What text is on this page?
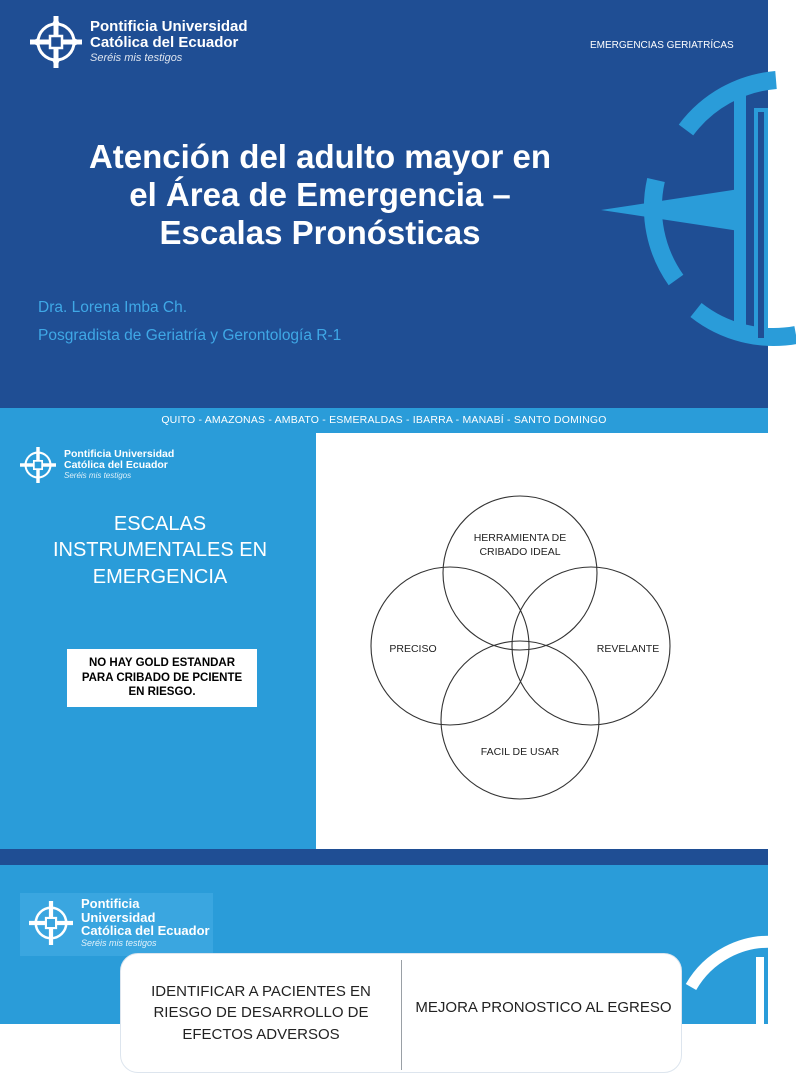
Pontificia Universidad
Católica del Ecuador
Seréis mis testigos
EMERGENCIAS GERIATRÍCAS
Atención del adulto mayor en
el Área de Emergencia –
Escalas Pronósticas
Dra. Lorena Imba Ch.
Posgradista de Geriatría y Gerontología R-1
QUITO - AMAZONAS - AMBATO - ESMERALDAS - IBARRA - MANABÍ - SANTO DOMINGO
Pontificia Universidad
Católica del Ecuador
Seréis mis testigos
ESCALAS
INSTRUMENTALES EN
EMERGENCIA
NO HAY GOLD ESTANDAR PARA CRIBADO DE PCIENTE EN RIESGO.
HERRAMIENTA DE
CRIBADO IDEAL
PRECISO	REVELANTE
FACIL DE USAR
Pontificia Universidad
Católica del Ecuador
Seréis mis testigos
IDENTIFICAR A PACIENTES EN
RIESGO DE DESARROLLO DE
EFECTOS ADVERSOS
MEJORA PRONOSTICO AL EGRESO
